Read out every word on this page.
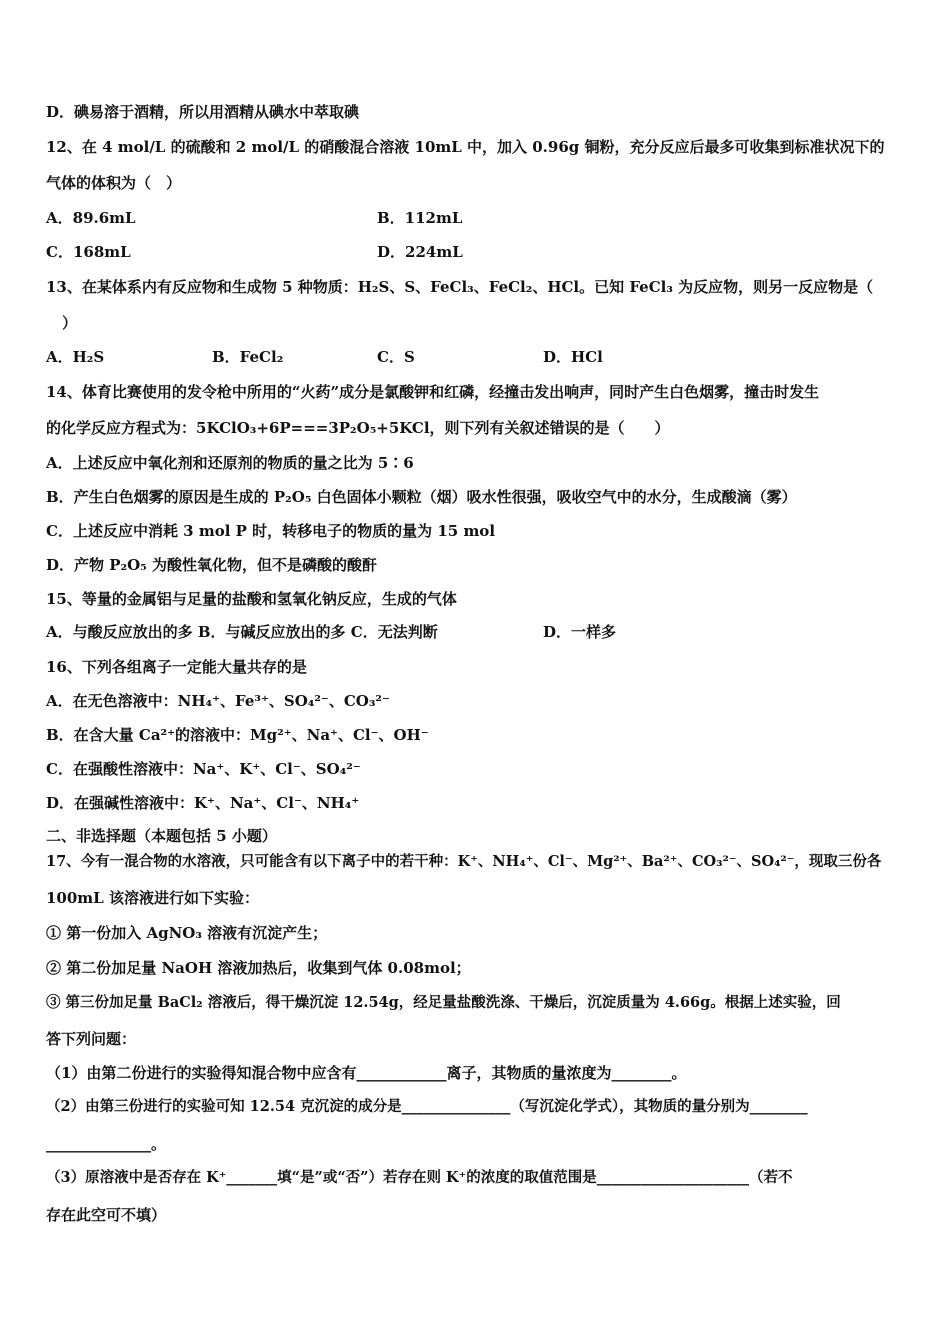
D．碘易溶于酒精，所以用酒精从碘水中萃取碘
12、在 4 mol/L 的硫酸和 2 mol/L 的硝酸混合溶液 10mL 中，加入 0.96g 铜粉，充分反应后最多可收集到标准状况下的
气体的体积为（　）
A．89.6mL	B．112mL
C．168mL	D．224mL
13、在某体系内有反应物和生成物 5 种物质：H₂S、S、FeCl₃、FeCl₂、HCl。已知 FeCl₃ 为反应物，则另一反应物是（
）
A．H₂S	B．FeCl₂	C．S	D．HCl
14、体育比赛使用的发令枪中所用的“火药”成分是氯酸钾和红磷，经撞击发出响声，同时产生白色烟雾，撞击时发生
的化学反应方程式为：5KClO₃+6P===3P₂O₅+5KCl，则下列有关叙述错误的是（　　）
A．上述反应中氧化剂和还原剂的物质的量之比为 5∶6
B．产生白色烟雾的原因是生成的 P₂O₅ 白色固体小颗粒（烟）吸水性很强，吸收空气中的水分，生成酸滴（雾）
C．上述反应中消耗 3 mol P 时，转移电子的物质的量为 15 mol
D．产物 P₂O₅ 为酸性氧化物，但不是磷酸的酸酐
15、等量的金属铝与足量的盐酸和氢氧化钠反应，生成的气体
A．与酸反应放出的多 B．与碱反应放出的多 C．无法判断	D．一样多
16、下列各组离子一定能大量共存的是
A．在无色溶液中：NH₄⁺、Fe³⁺、SO₄²⁻、CO₃²⁻
B．在含大量 Ca²⁺的溶液中：Mg²⁺、Na⁺、Cl⁻、OH⁻
C．在强酸性溶液中：Na⁺、K⁺、Cl⁻、SO₄²⁻
D．在强碱性溶液中：K⁺、Na⁺、Cl⁻、NH₄⁺
二、非选择题（本题包括 5 小题）
17、今有一混合物的水溶液，只可能含有以下离子中的若干种：K⁺、NH₄⁺、Cl⁻、Mg²⁺、Ba²⁺、CO₃²⁻、SO₄²⁻，现取三份各
100mL 该溶液进行如下实验：
① 第一份加入 AgNO₃ 溶液有沉淀产生；
② 第二份加足量 NaOH 溶液加热后，收集到气体 0.08mol；
③ 第三份加足量 BaCl₂ 溶液后，得干燥沉淀 12.54g，经足量盐酸洗涤、干燥后，沉淀质量为 4.66g。根据上述实验，回
答下列问题：
（1）由第二份进行的实验得知混合物中应含有____________离子，其物质的量浓度为________。
（2）由第三份进行的实验可知 12.54 克沉淀的成分是_______________（写沉淀化学式），其物质的量分别为________
______________。
（3）原溶液中是否存在 K⁺_______填“是”或“否”）若存在则 K⁺的浓度的取值范围是_____________________（若不
存在此空可不填）
